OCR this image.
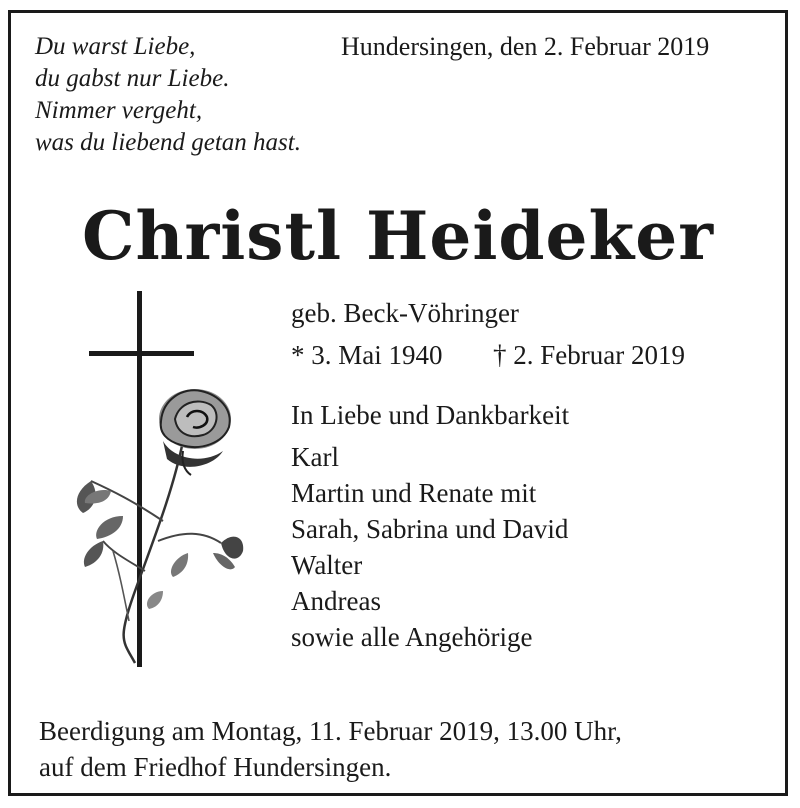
Du warst Liebe,
du gabst nur Liebe.
Nimmer vergeht,
was du liebend getan hast.
Hundersingen, den 2. Februar 2019
Christl Heideker
geb. Beck-Vöhringer
* 3. Mai 1940	† 2. Februar 2019
In Liebe und Dankbarkeit
Karl
Martin und Renate mit
Sarah, Sabrina und David
Walter
Andreas
sowie alle Angehörige
Beerdigung am Montag, 11. Februar 2019, 13.00 Uhr,
auf dem Friedhof Hundersingen.
